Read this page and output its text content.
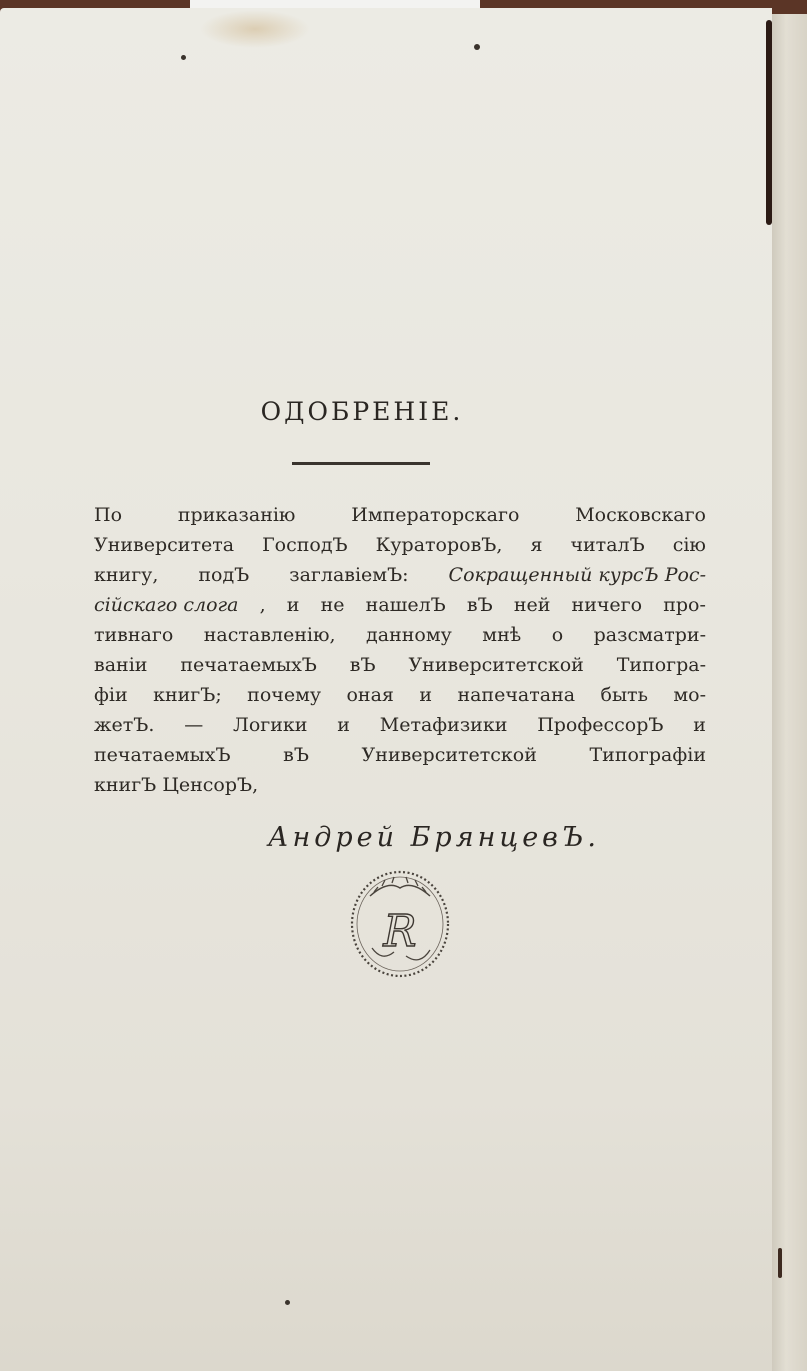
ОДОБРЕНІЕ.
По	приказанію	Императорскаго	Московскаго
Университета ГосподЪ КураторовЪ, я читалЪ сію
книгу, подЪ заглавіемЪ: Сокращенный курсЪ Рос-
сійскаго слога , и не нашелЪ вЪ ней ничего про-
тивнаго наставленію, данному мнѣ о разсматри-
ваніи печатаемыхЪ вЪ Университетской Типогра-
фіи книгЪ; почему оная и напечатана быть мо-
жетЪ. — Логики и Метафизики ПрофессорЪ и
печатаемыхЪ	вЪ	Университетской	Типографіи
книгЪ ЦенсорЪ,
Андрей БрянцевЪ.
R
